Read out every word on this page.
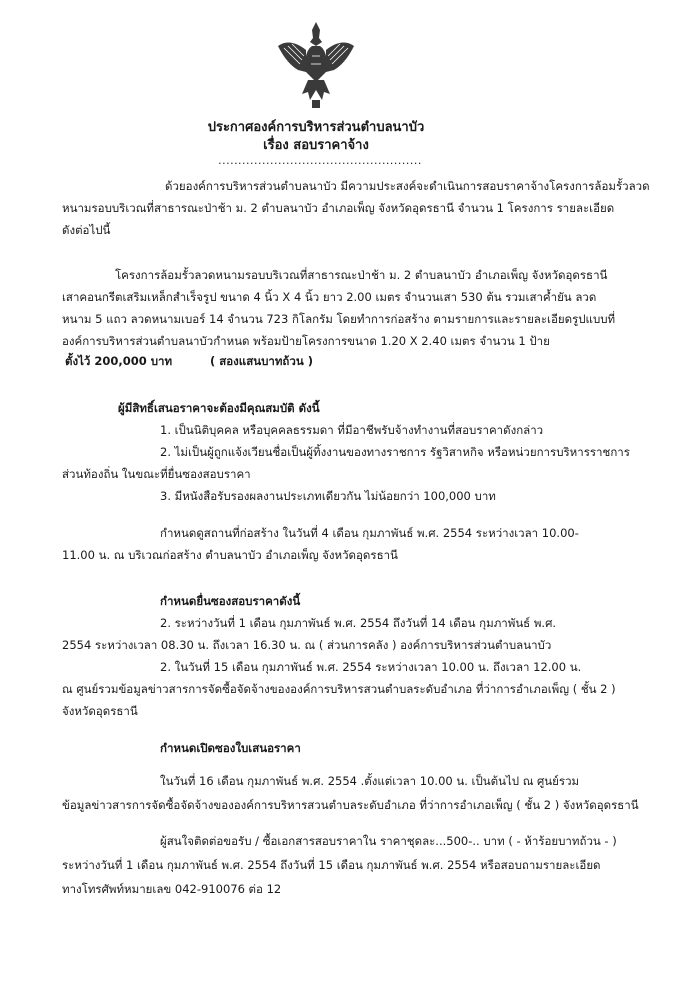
ประกาศองค์การบริหารส่วนตำบลนาบัว
เรื่อง สอบราคาจ้าง
...................................................
ด้วยองค์การบริหารส่วนตำบลนาบัว มีความประสงค์จะดำเนินการสอบราคาจ้างโครงการล้อมรั้วลวด
หนามรอบบริเวณที่สาธารณะป่าช้า ม. 2 ตำบลนาบัว อำเภอเพ็ญ จังหวัดอุดรธานี จำนวน 1 โครงการ รายละเอียด
ดังต่อไปนี้
โครงการล้อมรั้วลวดหนามรอบบริเวณที่สาธารณะป่าช้า ม. 2 ตำบลนาบัว อำเภอเพ็ญ จังหวัดอุดรธานี
เสาคอนกรีตเสริมเหล็กสำเร็จรูป ขนาด 4 นิ้ว X 4 นิ้ว ยาว 2.00 เมตร จำนวนเสา 530 ต้น รวมเสาค้ำยัน ลวด
หนาม 5 แถว ลวดหนามเบอร์ 14 จำนวน 723 กิโลกรัม โดยทำการก่อสร้าง ตามรายการและรายละเอียดรูปแบบที่
องค์การบริหารส่วนตำบลนาบัวกำหนด พร้อมป้ายโครงการขนาด 1.20 X 2.40 เมตร จำนวน 1 ป้าย
ตั้งไว้ 200,000 บาท	( สองแสนบาทถ้วน )
ผู้มีสิทธิ์เสนอราคาจะต้องมีคุณสมบัติ ดังนี้
1. เป็นนิติบุคคล หรือบุคคลธรรมดา ที่มีอาชีพรับจ้างทำงานที่สอบราคาดังกล่าว
2. ไม่เป็นผู้ถูกแจ้งเวียนชื่อเป็นผู้ทิ้งงานของทางราชการ รัฐวิสาหกิจ หรือหน่วยการบริหารราชการ
ส่วนท้องถิ่น ในขณะที่ยื่นซองสอบราคา
3. มีหนังสือรับรองผลงานประเภทเดียวกัน ไม่น้อยกว่า 100,000 บาท
กำหนดดูสถานที่ก่อสร้าง ในวันที่ 4 เดือน กุมภาพันธ์ พ.ศ. 2554 ระหว่างเวลา 10.00-
11.00 น. ณ บริเวณก่อสร้าง ตำบลนาบัว อำเภอเพ็ญ จังหวัดอุดรธานี
กำหนดยื่นซองสอบราคาดังนี้
2. ระหว่างวันที่ 1 เดือน กุมภาพันธ์ พ.ศ. 2554 ถึงวันที่ 14 เดือน กุมภาพันธ์ พ.ศ.
2554 ระหว่างเวลา 08.30 น. ถึงเวลา 16.30 น. ณ ( ส่วนการคลัง ) องค์การบริหารส่วนตำบลนาบัว
2. ในวันที่ 15 เดือน กุมภาพันธ์ พ.ศ. 2554 ระหว่างเวลา 10.00 น. ถึงเวลา 12.00 น.
ณ ศูนย์รวมข้อมูลข่าวสารการจัดซื้อจัดจ้างขององค์การบริหารสวนตำบลระดับอำเภอ ที่ว่าการอำเภอเพ็ญ ( ชั้น 2 )
จังหวัดอุดรธานี
กำหนดเปิดซองใบเสนอราคา
ในวันที่ 16 เดือน กุมภาพันธ์ พ.ศ. 2554 .ตั้งแต่เวลา 10.00 น. เป็นต้นไป ณ ศูนย์รวม
ข้อมูลข่าวสารการจัดซื้อจัดจ้างขององค์การบริหารสวนตำบลระดับอำเภอ ที่ว่าการอำเภอเพ็ญ ( ชั้น 2 ) จังหวัดอุดรธานี
ผู้สนใจติดต่อขอรับ / ซื้อเอกสารสอบราคาใน ราคาชุดละ...500-.. บาท ( - ห้าร้อยบาทถ้วน - )
ระหว่างวันที่ 1 เดือน กุมภาพันธ์ พ.ศ. 2554 ถึงวันที่ 15 เดือน กุมภาพันธ์ พ.ศ. 2554 หรือสอบถามรายละเอียด
ทางโทรศัพท์หมายเลข 042-910076 ต่อ 12
